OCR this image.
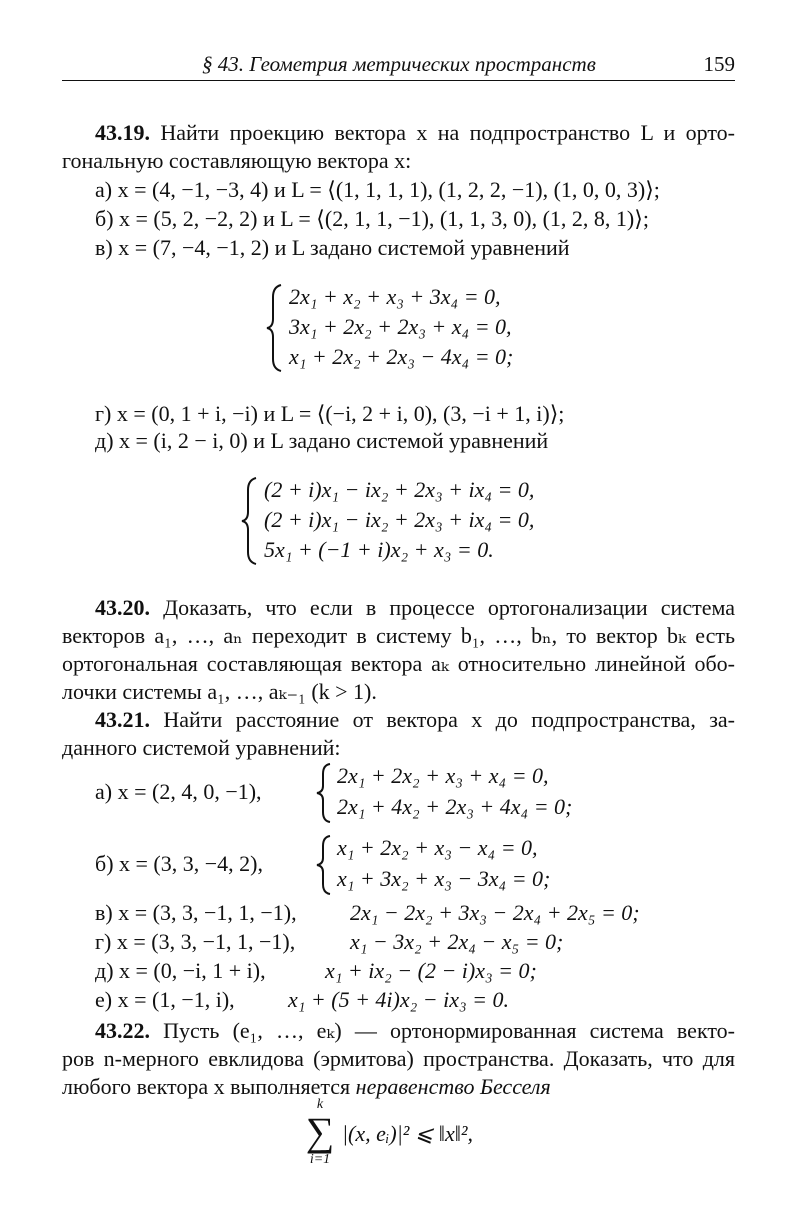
§ 43. Геометрия метрических пространств	159
43.19. Найти проекцию вектора x на подпространство L и орто-
гональную составляющую вектора x:
а) x = (4, −1, −3, 4) и L = ⟨(1, 1, 1, 1), (1, 2, 2, −1), (1, 0, 0, 3)⟩;
б) x = (5, 2, −2, 2) и L = ⟨(2, 1, 1, −1), (1, 1, 3, 0), (1, 2, 8, 1)⟩;
в) x = (7, −4, −1, 2) и L задано системой уравнений
2x₁ + x₂ + x₃ + 3x₄ = 0,
3x₁ + 2x₂ + 2x₃ + x₄ = 0,
x₁ + 2x₂ + 2x₃ − 4x₄ = 0;
г) x = (0, 1 + i, −i) и L = ⟨(−i, 2 + i, 0), (3, −i + 1, i)⟩;
д) x = (i, 2 − i, 0) и L задано системой уравнений
(2 + i)x₁ − ix₂ + 2x₃ + ix₄ = 0,
(2 + i)x₁ − ix₂ + 2x₃ + ix₄ = 0,
5x₁ + (−1 + i)x₂ + x₃ = 0.
43.20. Доказать, что если в процессе ортогонализации система
векторов a₁, …, aₙ переходит в систему b₁, …, bₙ, то вектор bₖ есть
ортогональная составляющая вектора aₖ относительно линейной обо-
лочки системы a₁, …, aₖ₋₁ (k > 1).
43.21. Найти расстояние от вектора x до подпространства, за-
данного системой уравнений:
а) x = (2, 4, 0, −1),
2x₁ + 2x₂ + x₃ + x₄ = 0,
2x₁ + 4x₂ + 2x₃ + 4x₄ = 0;
б) x = (3, 3, −4, 2),
x₁ + 2x₂ + x₃ − x₄ = 0,
x₁ + 3x₂ + x₃ − 3x₄ = 0;
в) x = (3, 3, −1, 1, −1),	2x₁ − 2x₂ + 3x₃ − 2x₄ + 2x₅ = 0;
г) x = (3, 3, −1, 1, −1),	x₁ − 3x₂ + 2x₄ − x₅ = 0;
д) x = (0, −i, 1 + i),	x₁ + ix₂ − (2 − i)x₃ = 0;
е) x = (1, −1, i),	x₁ + (5 + 4i)x₂ − ix₃ = 0.
43.22. Пусть (e₁, …, eₖ) — ортонормированная система векто-
ров n-мерного евклидова (эрмитова) пространства. Доказать, что для
любого вектора x выполняется неравенство Бесселя
k
∑
i=1
|(x, eᵢ)|² ⩽ ‖x‖²,
